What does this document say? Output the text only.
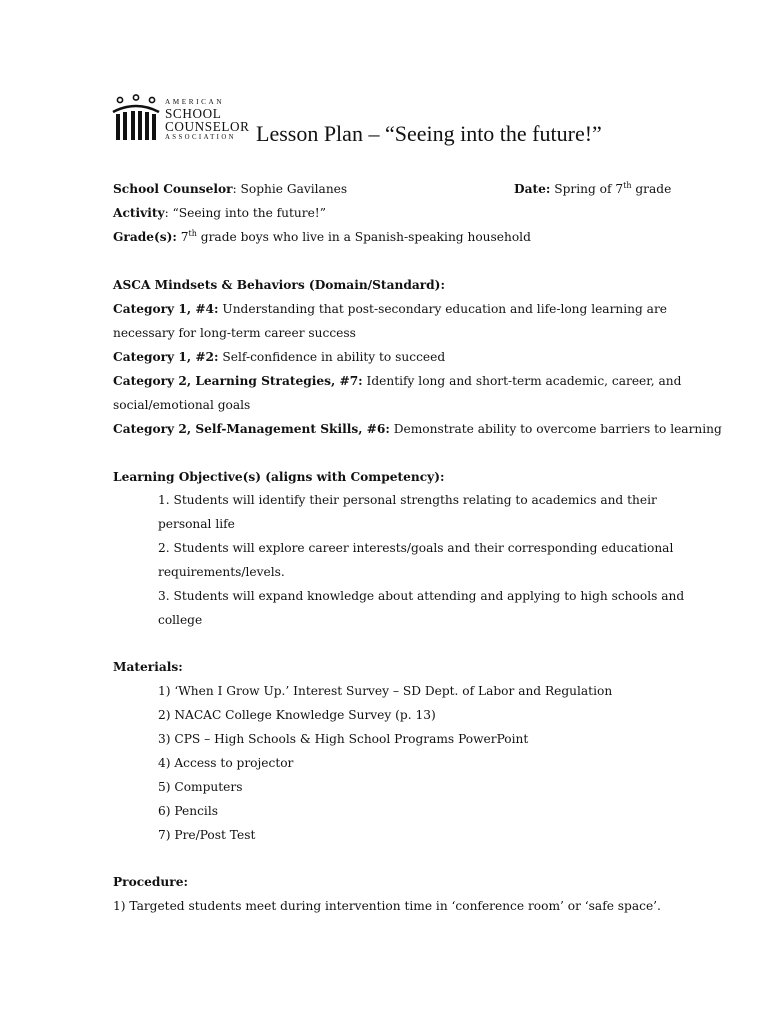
AMERICAN
SCHOOL
COUNSELOR
ASSOCIATION Lesson Plan – “Seeing into the future!”
School Counselor: Sophie Gavilanes	Date: Spring of 7th grade
Activity: “Seeing into the future!”
Grade(s): 7th grade boys who live in a Spanish-speaking household
ASCA Mindsets & Behaviors (Domain/Standard):
Category 1, #4: Understanding that post-secondary education and life-long learning are
necessary for long-term career success
Category 1, #2: Self-confidence in ability to succeed
Category 2, Learning Strategies, #7: Identify long and short-term academic, career, and
social/emotional goals
Category 2, Self-Management Skills, #6: Demonstrate ability to overcome barriers to learning
Learning Objective(s) (aligns with Competency):
1. Students will identify their personal strengths relating to academics and their
personal life
2. Students will explore career interests/goals and their corresponding educational
requirements/levels.
3. Students will expand knowledge about attending and applying to high schools and
college
Materials:
1) ‘When I Grow Up.’ Interest Survey – SD Dept. of Labor and Regulation
2) NACAC College Knowledge Survey (p. 13)
3) CPS – High Schools & High School Programs PowerPoint
4) Access to projector
5) Computers
6) Pencils
7) Pre/Post Test
Procedure:
1) Targeted students meet during intervention time in ‘conference room’ or ‘safe space’.
